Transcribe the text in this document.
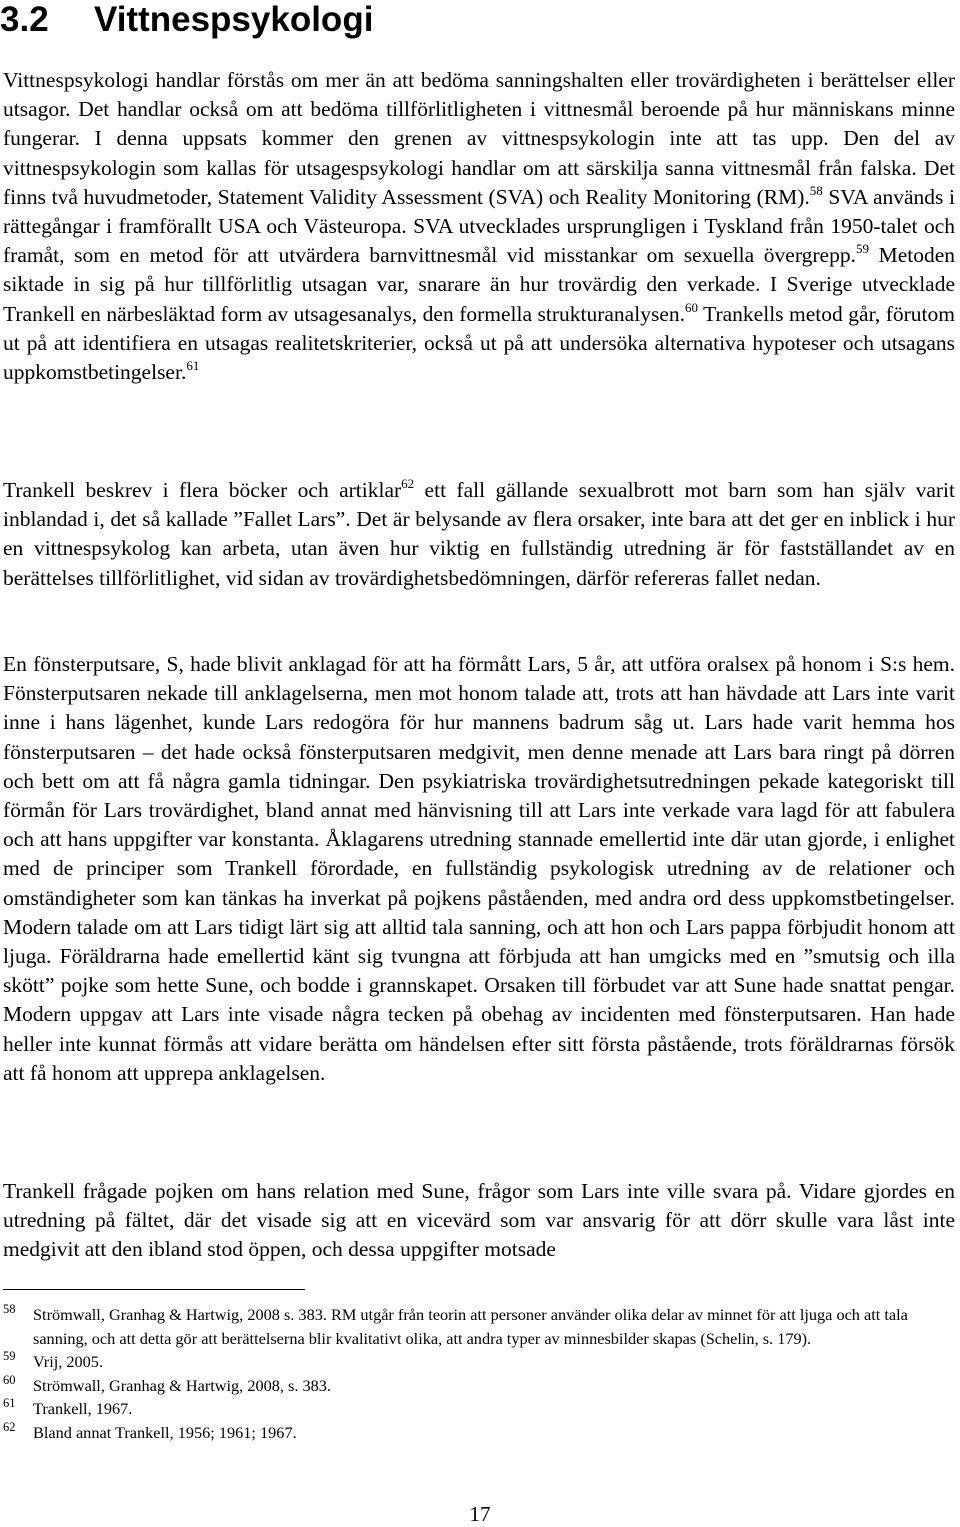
3.2 Vittnespsykologi

Vittnespsykologi handlar förstås om mer än att bedöma sanningshalten eller trovärdigheten i berättelser eller utsagor. Det handlar också om att bedöma tillförlitligheten i vittnesmål beroende på hur människans minne fungerar. I denna uppsats kommer den grenen av vittnespsykologin inte att tas upp. Den del av vittnespsykologin som kallas för utsagespsykologi handlar om att särskilja sanna vittnesmål från falska. Det finns två huvudmetoder, Statement Validity Assessment (SVA) och Reality Monitoring (RM).$^{58}$ SVA används i rättegångar i framförallt USA och Västeuropa. SVA utvecklades ursprungligen i Tyskland från 1950-talet och framåt, som en metod för att utvärdera barnvittnesmål vid misstankar om sexuella övergrepp.$^{59}$ Metoden siktade in sig på hur tillförlitlig utsagan var, snarare än hur trovärdig den verkade. I Sverige utvecklade Trankell en närbesläktad form av utsagesanalys, den formella strukturanalysen.$^{60}$ Trankells metod går, förutom ut på att identifiera en utsagas realitetskriterier, också ut på att undersöka alternativa hypoteser och utsagans uppkomstbetingelser.$^{61}$

Trankell beskrev i flera böcker och artiklar$^{62}$ ett fall gällande sexualbrott mot barn som han själv varit inblandad i, det så kallade ”Fallet Lars”. Det är belysande av flera orsaker, inte bara att det ger en inblick i hur en vittnespsykolog kan arbeta, utan även hur viktig en fullständig utredning är för fastställandet av en berättelses tillförlitlighet, vid sidan av trovärdighetsbedömningen, därför refereras fallet nedan.

En fönsterputsare, S, hade blivit anklagad för att ha förmått Lars, 5 år, att utföra oralsex på honom i S:s hem. Fönsterputsaren nekade till anklagelserna, men mot honom talade att, trots att han hävdade att Lars inte varit inne i hans lägenhet, kunde Lars redogöra för hur mannens badrum såg ut. Lars hade varit hemma hos fönsterputsaren – det hade också fönsterputsaren medgivit, men denne menade att Lars bara ringt på dörren och bett om att få några gamla tidningar. Den psykiatriska trovärdighetsutredningen pekade kategoriskt till förmån för Lars trovärdighet, bland annat med hänvisning till att Lars inte verkade vara lagd för att fabulera och att hans uppgifter var konstanta. Åklagarens utredning stannade emellertid inte där utan gjorde, i enlighet med de principer som Trankell förordade, en fullständig psykologisk utredning av de relationer och omständigheter som kan tänkas ha inverkat på pojkens påståenden, med andra ord dess uppkomstbetingelser. Modern talade om att Lars tidigt lärt sig att alltid tala sanning, och att hon och Lars pappa förbjudit honom att ljuga. Föräldrarna hade emellertid känt sig tvungna att förbjuda att han umgicks med en ”smutsig och illa skött” pojke som hette Sune, och bodde i grannskapet. Orsaken till förbudet var att Sune hade snattat pengar. Modern uppgav att Lars inte visade några tecken på obehag av incidenten med fönsterputsaren. Han hade heller inte kunnat förmås att vidare berätta om händelsen efter sitt första påstående, trots föräldrarnas försök att få honom att upprepa anklagelsen.

Trankell frågade pojken om hans relation med Sune, frågor som Lars inte ville svara på. Vidare gjordes en utredning på fältet, där det visade sig att en vicevärd som var ansvarig för att dörr skulle vara låst inte medgivit att den ibland stod öppen, och dessa uppgifter motsade

58 Strömwall, Granhag & Hartwig, 2008 s. 383. RM utgår från teorin att personer använder olika delar av minnet för att ljuga och att tala sanning, och att detta gör att berättelserna blir kvalitativt olika, att andra typer av minnesbilder skapas (Schelin, s. 179).
59 Vrij, 2005.
60 Strömwall, Granhag & Hartwig, 2008, s. 383.
61 Trankell, 1967.
62 Bland annat Trankell, 1956; 1961; 1967.
17
